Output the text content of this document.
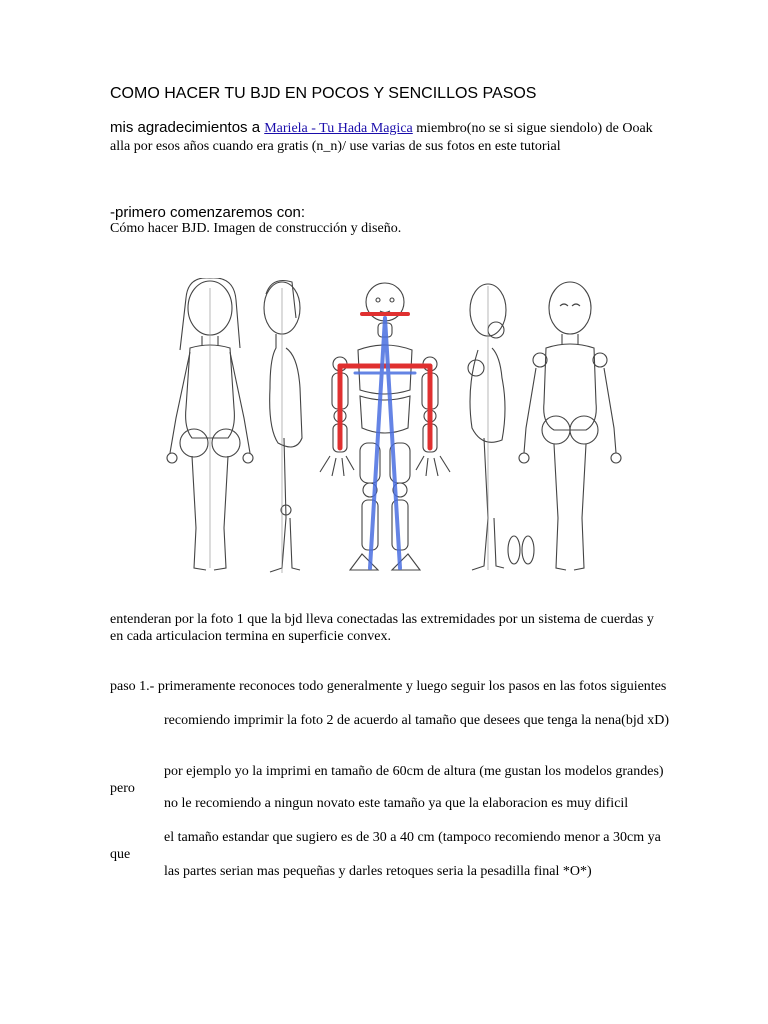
COMO HACER TU BJD EN POCOS Y SENCILLOS PASOS
mis agradecimientos a Mariela - Tu Hada Magica miembro(no se si sigue siendolo) de Ooak alla por esos años cuando era gratis (n_n)/ use varias de sus fotos en este tutorial
-primero comenzaremos con:
Cómo hacer BJD. Imagen de construcción y diseño.
entenderan por la foto 1 que la bjd lleva conectadas las extremidades por un sistema de cuerdas y en cada articulacion termina en superficie convex.
paso 1.- primeramente reconoces todo generalmente y luego seguir los pasos en las fotos siguientes
recomiendo imprimir la foto 2 de acuerdo al tamaño que desees que tenga la nena(bjd xD)
por ejemplo yo la imprimi en tamaño de 60cm de altura (me gustan los modelos grandes) pero
no le recomiendo a ningun novato este tamaño ya que la elaboracion es muy dificil
el tamaño estandar que sugiero es de 30 a 40 cm (tampoco recomiendo menor a 30cm ya que
las partes serian mas pequeñas y darles retoques seria la pesadilla final *O*)
